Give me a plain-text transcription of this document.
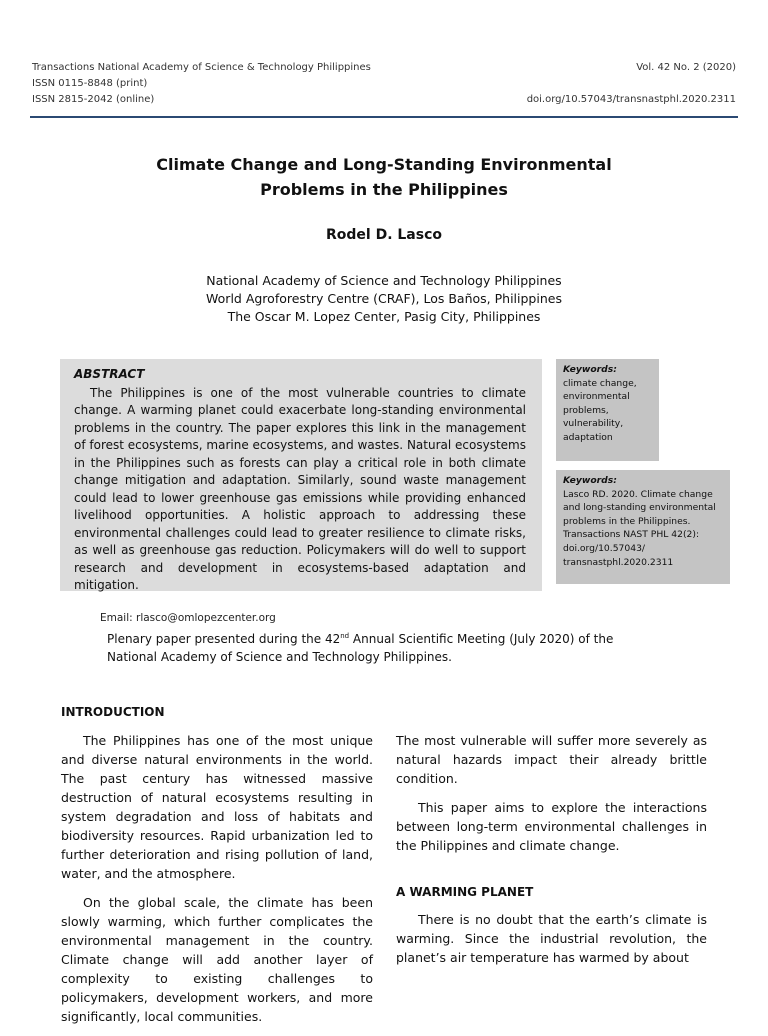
Transactions National Academy of Science & Technology Philippines
ISSN 0115-8848 (print)
ISSN 2815-2042 (online)
Vol. 42 No. 2 (2020)
doi.org/10.57043/transnastphl.2020.2311
Climate Change and Long-Standing Environmental
Problems in the Philippines
Rodel D. Lasco
National Academy of Science and Technology Philippines
World Agroforestry Centre (CRAF), Los Baños, Philippines
The Oscar M. Lopez Center, Pasig City, Philippines
ABSTRACT

The Philippines is one of the most vulnerable countries to climate change. A warming planet could exacerbate long-standing environmental problems in the country. The paper explores this link in the management of forest ecosystems, marine ecosystems, and wastes. Natural ecosystems in the Philippines such as forests can play a critical role in both climate change mitigation and adaptation. Similarly, sound waste management could lead to lower greenhouse gas emissions while providing enhanced livelihood opportunities. A holistic approach to addressing these environmental challenges could lead to greater resilience to climate risks, as well as greenhouse gas reduction. Policymakers will do well to support research and development in ecosystems-based adaptation and mitigation.

Keywords:
climate change,
environmental
problems,
vulnerability,
adaptation
Keywords:
Lasco RD. 2020. Climate change
and long-standing environmental
problems in the Philippines.
Transactions NAST PHL 42(2):
doi.org/10.57043/
transnastphl.2020.2311
Email: rlasco@omlopezcenter.org
Plenary paper presented during the 42nd Annual Scientific Meeting (July 2020) of the National Academy of Science and Technology Philippines.
INTRODUCTION

The Philippines has one of the most unique and diverse natural environments in the world. The past century has witnessed massive destruction of natural ecosystems resulting in system degradation and loss of habitats and biodiversity resources. Rapid urbanization led to further deterioration and rising pollution of land, water, and the atmosphere.

On the global scale, the climate has been slowly warming, which further complicates the environmental management in the country. Climate change will add another layer of complexity to existing challenges to policymakers, development workers, and more significantly, local communities.

The most vulnerable will suffer more severely as natural hazards impact their already brittle condition.

This paper aims to explore the interactions between long-term environmental challenges in the Philippines and climate change.

A WARMING PLANET

There is no doubt that the earth’s climate is warming. Since the industrial revolution, the planet’s air temperature has warmed by about
